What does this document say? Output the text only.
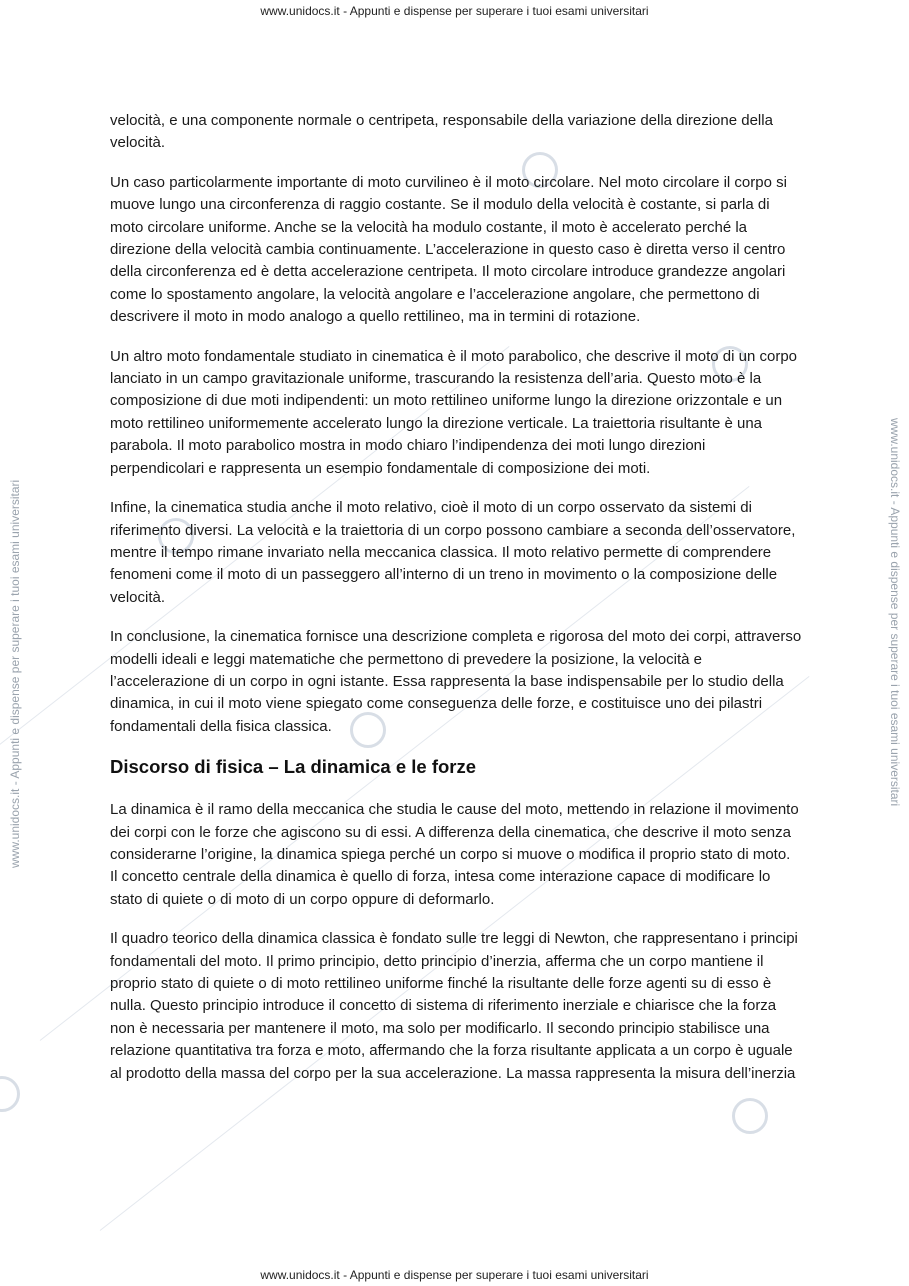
www.unidocs.it - Appunti e dispense per superare i tuoi esami universitari
www.unidocs.it - Appunti e dispense per superare i tuoi esami universitari
www.unidocs.it - Appunti e dispense per superare i tuoi esami universitari	www.unidocs.it - Appunti e dispense per superare i tuoi esami universitari

velocità, e una componente normale o centripeta, responsabile della variazione della direzione della velocità.

Un caso particolarmente importante di moto curvilineo è il moto circolare. Nel moto circolare il corpo si muove lungo una circonferenza di raggio costante. Se il modulo della velocità è costante, si parla di moto circolare uniforme. Anche se la velocità ha modulo costante, il moto è accelerato perché la direzione della velocità cambia continuamente. L’accelerazione in questo caso è diretta verso il centro della circonferenza ed è detta accelerazione centripeta. Il moto circolare introduce grandezze angolari come lo spostamento angolare, la velocità angolare e l’accelerazione angolare, che permettono di descrivere il moto in modo analogo a quello rettilineo, ma in termini di rotazione.

Un altro moto fondamentale studiato in cinematica è il moto parabolico, che descrive il moto di un corpo lanciato in un campo gravitazionale uniforme, trascurando la resistenza dell’aria. Questo moto è la composizione di due moti indipendenti: un moto rettilineo uniforme lungo la direzione orizzontale e un moto rettilineo uniformemente accelerato lungo la direzione verticale. La traiettoria risultante è una parabola. Il moto parabolico mostra in modo chiaro l’indipendenza dei moti lungo direzioni perpendicolari e rappresenta un esempio fondamentale di composizione dei moti.

Infine, la cinematica studia anche il moto relativo, cioè il moto di un corpo osservato da sistemi di riferimento diversi. La velocità e la traiettoria di un corpo possono cambiare a seconda dell’osservatore, mentre il tempo rimane invariato nella meccanica classica. Il moto relativo permette di comprendere fenomeni come il moto di un passeggero all’interno di un treno in movimento o la composizione delle velocità.

In conclusione, la cinematica fornisce una descrizione completa e rigorosa del moto dei corpi, attraverso modelli ideali e leggi matematiche che permettono di prevedere la posizione, la velocità e l’accelerazione di un corpo in ogni istante. Essa rappresenta la base indispensabile per lo studio della dinamica, in cui il moto viene spiegato come conseguenza delle forze, e costituisce uno dei pilastri fondamentali della fisica classica.

Discorso di fisica – La dinamica e le forze

La dinamica è il ramo della meccanica che studia le cause del moto, mettendo in relazione il movimento dei corpi con le forze che agiscono su di essi. A differenza della cinematica, che descrive il moto senza considerarne l’origine, la dinamica spiega perché un corpo si muove o modifica il proprio stato di moto. Il concetto centrale della dinamica è quello di forza, intesa come interazione capace di modificare lo stato di quiete o di moto di un corpo oppure di deformarlo.

Il quadro teorico della dinamica classica è fondato sulle tre leggi di Newton, che rappresentano i principi fondamentali del moto. Il primo principio, detto principio d’inerzia, afferma che un corpo mantiene il proprio stato di quiete o di moto rettilineo uniforme finché la risultante delle forze agenti su di esso è nulla. Questo principio introduce il concetto di sistema di riferimento inerziale e chiarisce che la forza non è necessaria per mantenere il moto, ma solo per modificarlo. Il secondo principio stabilisce una relazione quantitativa tra forza e moto, affermando che la forza risultante applicata a un corpo è uguale al prodotto della massa del corpo per la sua accelerazione. La massa rappresenta la misura dell’inerzia
